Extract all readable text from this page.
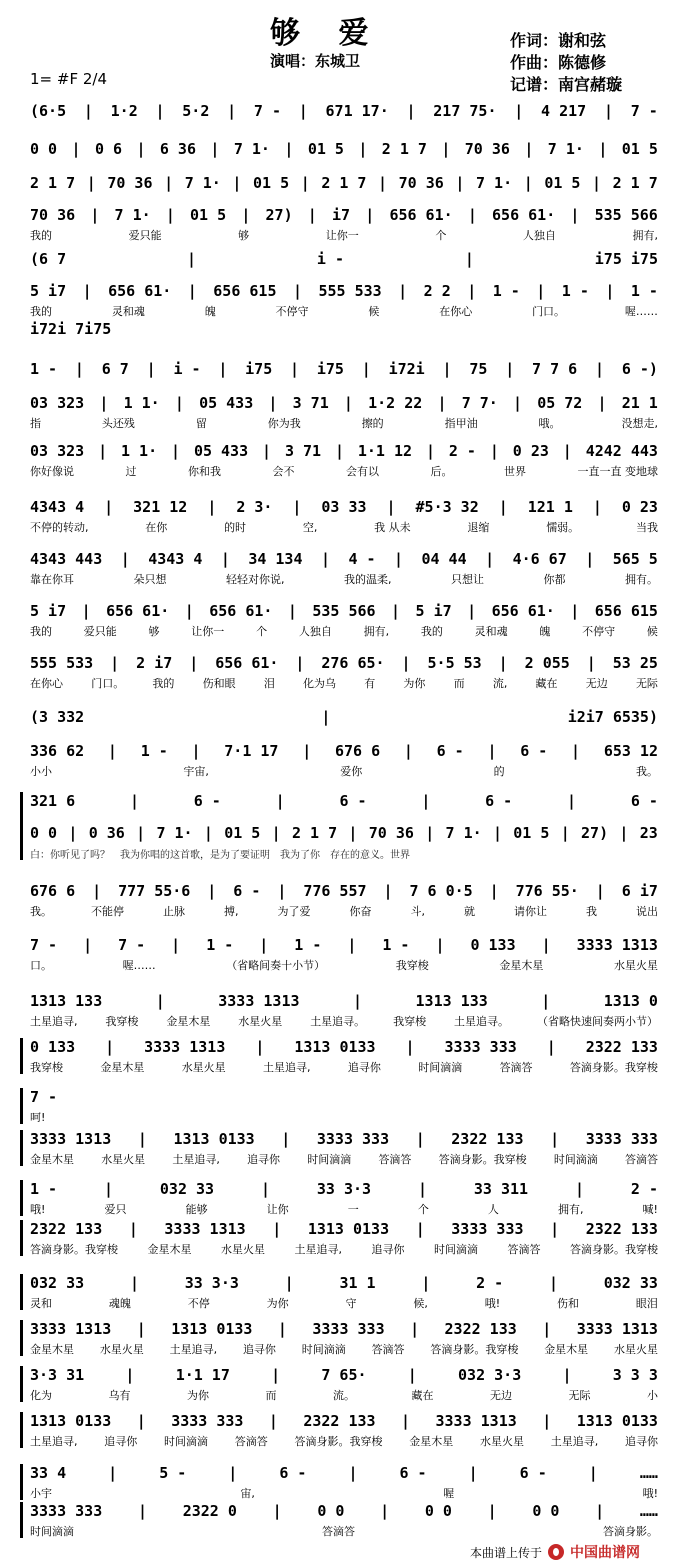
够 爱
演唱：东城卫
作词：谢和弦
作曲：陈德修
记谱：南宫赭璇
1= #F 2/4
(6·5 | 1·2 | 5·2 | 7 - | 671 17· | 217 75· | 4 217 | 7 -
0 0 | 0 6 | 6 36 | 7 1· | 01 5 | 2 1 7 | 70 36 | 7 1· | 01 5
2 1 7 | 70 36 | 7 1· | 01 5 | 2 1 7 | 70 36 | 7 1· | 01 5 | 2 1 7
70 36 | 7 1· | 01 5 | 27) | i7 | 656 61· | 656 61· | 535 566
我的	爱只能	够	让你一	个	人独自	拥有,
(6 7	|	i -	|	i75 i75
5 i7 | 656 61· | 656 615 | 555 533 | 2 2 | 1 - | 1 - | 1 -
我的	灵和魂	魄	不停守	候	在你心	门口。	喔……
i72i 7i75
1 - | 6 7 | i - | i75 | i75 | i72i | 75 | 7 7 6 | 6 -)
03 323 | 1 1· | 05 433 | 3 71 | 1·2 22 | 7 7· | 05 72 | 21 1
指	头还残	留	你为我	擦的	指甲油	哦。	没想走,
03 323 | 1 1· | 05 433 | 3 71 | 1·1 12 | 2 - | 0 23 | 4242 443
你好像说	过	你和我	会不	会有以	后。	世界	一直一直 变地球
4343 4 | 321 12 | 2 3· | 03 33 | #5·3 32 | 121 1 | 0 23
不停的转动,	在你	的时	空,	我 从未	退缩	懦弱。	当我
4343 443 | 4343 4 | 34 134 | 4 - | 04 44 | 4·6 67 | 565 5
靠在你耳	朵只想	轻轻对你说,	我的温柔,	只想让	你都	拥有。
5 i7 | 656 61· | 656 61· | 535 566 | 5 i7 | 656 61· | 656 615
我的	爱只能	够	让你一	个	人独自	拥有,	我的	灵和魂	魄	不停守	候
555 533 | 2 i7 | 656 61· | 276 65· | 5·5 53 | 2 055 | 53 25
在你心	门口。	我的	伤和眼	泪	化为乌	有	为你	而	流,	藏在	无边	无际
(3 332	|	i2i7 6535)
336 62 | 1 - | 7·1 17 | 676 6 | 6 - | 6 - | 653 12
小小	宇宙,	爱你	的	我。
321 6	|	6 -	|	6 -	|	6 -	|	6 -
0 0 | 0 36 | 7 1· | 01 5 | 2 1 7 | 70 36 | 7 1· | 01 5 | 27) | 23
白：你听见了吗？　我为你唱的这首歌，是为了要证明　我为了你　存在的意义。世界
676 6 | 777 55·6 | 6 - | 776 557 | 7 6 0·5 | 776 55· | 6 i7
我。	不能停	止脉	搏,	为了爱	你奋	斗,	就	请你让	我	说出
7 - | 7 - | 1 - | 1 - | 1 - | 0 133 | 3333 1313
口。	喔……	（省略间奏十小节）	我穿梭	金星木星	水星火星
1313 133	|	3333 1313	|	1313 133	|	1313 0
土星追寻,	我穿梭	金星木星	水星火星	土星追寻。	我穿梭	土星追寻。	（省略快速间奏两小节）
0 133 | 3333 1313 | 1313 0133 | 3333 333 | 2322 133
我穿梭	金星木星	水星火星	土星追寻,	追寻你	时间滴滴	答滴答	答滴身影。我穿梭
7 -
呵!
3333 1313 | 1313 0133 | 3333 333 | 2322 133 | 3333 333
金星木星 水星火星 土星追寻, 追寻你 时间滴滴 答滴答 答滴身影。我穿梭 时间滴滴 答滴答
1 -	|	032 33	|	33 3·3	|	33 311	|	2 -
哦!	爱只	能够	让你	一	个	人	拥有,	喊!
2322 133 | 3333 1313 | 1313 0133 | 3333 333 | 2322 133
答滴身影。我穿梭	金星木星	水星火星	土星追寻,	追寻你	时间滴滴	答滴答	答滴身影。我穿梭
032 33	|	33 3·3	|	31 1	|	2 -	|	032 33
灵和	魂魄	不停	为你	守	候,	哦!	伤和	眼泪
3333 1313 | 1313 0133 | 3333 333 | 2322 133 | 3333 1313
金星木星 水星火星 土星追寻, 追寻你 时间滴滴 答滴答 答滴身影。我穿梭 金星木星 水星火星
3·3 31	|	1·1 17	|	7 65·	|	032 3·3	|	3 3 3
化为	乌有	为你	而	流。	藏在	无边	无际	小
1313 0133 | 3333 333 | 2322 133 | 3333 1313 | 1313 0133
土星追寻, 追寻你 时间滴滴 答滴答 答滴身影。我穿梭 金星木星 水星火星 土星追寻, 追寻你
33 4	|	5 -	|	6 -	|	6 -	|	6 -	|	……
小宇	宙,	喔	哦!
3333 333 | 2322 0 | 0 0 | 0 0 | 0 0 | ……
时间滴滴	答滴答	答滴身影。
本曲谱上传于 中国曲谱网
